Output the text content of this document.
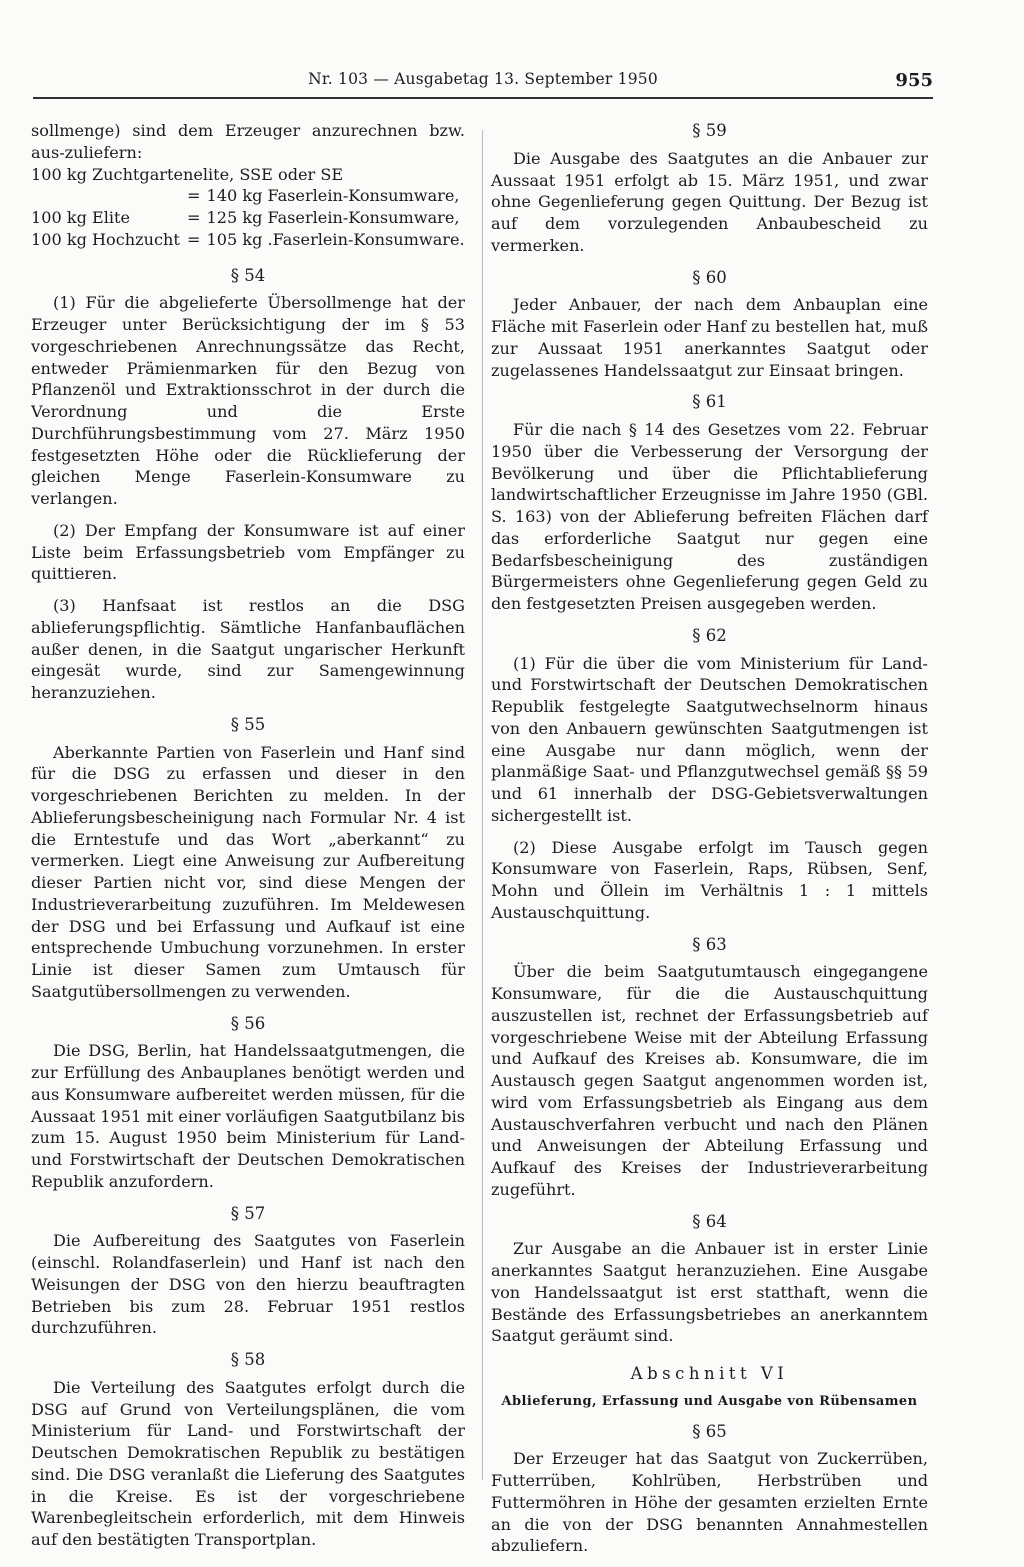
Nr. 103 — Ausgabetag 13. September 1950	955

sollmenge) sind dem Erzeuger anzurechnen bzw. aus-zuliefern:

100 kg Zuchtgartenelite, SSE oder SE		
	=	140 kg Faserlein-Konsumware,
100 kg Elite	=	125 kg Faserlein-Konsumware,
100 kg Hochzucht	=	105 kg .Faserlein-Konsumware.
§ 54

(1) Für die abgelieferte Übersollmenge hat der Erzeuger unter Berücksichtigung der im § 53 vorgeschriebenen Anrechnungssätze das Recht, entweder Prämienmarken für den Bezug von Pflanzenöl und Extraktionsschrot in der durch die Verordnung und die Erste Durchführungsbestimmung vom 27. März 1950 festgesetzten Höhe oder die Rücklieferung der gleichen Menge Faserlein-Konsumware zu verlangen.

(2) Der Empfang der Konsumware ist auf einer Liste beim Erfassungsbetrieb vom Empfänger zu quittieren.

(3) Hanfsaat ist restlos an die DSG ablieferungspflichtig. Sämtliche Hanfanbauflächen außer denen, in die Saatgut ungarischer Herkunft eingesät wurde, sind zur Samengewinnung heranzuziehen.

§ 55

Aberkannte Partien von Faserlein und Hanf sind für die DSG zu erfassen und dieser in den vorgeschriebenen Berichten zu melden. In der Ablieferungsbescheinigung nach Formular Nr. 4 ist die Erntestufe und das Wort „aberkannt“ zu vermerken. Liegt eine Anweisung zur Aufbereitung dieser Partien nicht vor, sind diese Mengen der Industrieverarbeitung zuzuführen. Im Meldewesen der DSG und bei Erfassung und Aufkauf ist eine entsprechende Umbuchung vorzunehmen. In erster Linie ist dieser Samen zum Umtausch für Saatgutübersollmengen zu verwenden.

§ 56

Die DSG, Berlin, hat Handelssaatgutmengen, die zur Erfüllung des Anbauplanes benötigt werden und aus Konsumware aufbereitet werden müssen, für die Aussaat 1951 mit einer vorläufigen Saatgutbilanz bis zum 15. August 1950 beim Ministerium für Land- und Forstwirtschaft der Deutschen Demokratischen Republik anzufordern.

§ 57

Die Aufbereitung des Saatgutes von Faserlein (einschl. Rolandfaserlein) und Hanf ist nach den Weisungen der DSG von den hierzu beauftragten Betrieben bis zum 28. Februar 1951 restlos durchzuführen.

§ 58

Die Verteilung des Saatgutes erfolgt durch die DSG auf Grund von Verteilungsplänen, die vom Ministerium für Land- und Forstwirtschaft der Deutschen Demokratischen Republik zu bestätigen sind. Die DSG veranlaßt die Lieferung des Saatgutes in die Kreise. Es ist der vorgeschriebene Warenbegleitschein erforderlich, mit dem Hinweis auf den bestätigten Transportplan.

§ 59

Die Ausgabe des Saatgutes an die Anbauer zur Aussaat 1951 erfolgt ab 15. März 1951, und zwar ohne Gegenlieferung gegen Quittung. Der Bezug ist auf dem vorzulegenden Anbaubescheid zu vermerken.

§ 60

Jeder Anbauer, der nach dem Anbauplan eine Fläche mit Faserlein oder Hanf zu bestellen hat, muß zur Aussaat 1951 anerkanntes Saatgut oder zugelassenes Handelssaatgut zur Einsaat bringen.

§ 61

Für die nach § 14 des Gesetzes vom 22. Februar 1950 über die Verbesserung der Versorgung der Bevölkerung und über die Pflichtablieferung landwirtschaftlicher Erzeugnisse im Jahre 1950 (GBl. S. 163) von der Ablieferung befreiten Flächen darf das erforderliche Saatgut nur gegen eine Bedarfsbescheinigung des zuständigen Bürgermeisters ohne Gegenlieferung gegen Geld zu den festgesetzten Preisen ausgegeben werden.

§ 62

(1) Für die über die vom Ministerium für Land- und Forstwirtschaft der Deutschen Demokratischen Republik festgelegte Saatgutwechselnorm hinaus von den Anbauern gewünschten Saatgutmengen ist eine Ausgabe nur dann möglich, wenn der planmäßige Saat- und Pflanzgutwechsel gemäß §§ 59 und 61 innerhalb der DSG-Gebietsverwaltungen sichergestellt ist.

(2) Diese Ausgabe erfolgt im Tausch gegen Konsumware von Faserlein, Raps, Rübsen, Senf, Mohn und Öllein im Verhältnis 1 : 1 mittels Austauschquittung.

§ 63

Über die beim Saatgutumtausch eingegangene Konsumware, für die die Austauschquittung auszustellen ist, rechnet der Erfassungsbetrieb auf vorgeschriebene Weise mit der Abteilung Erfassung und Aufkauf des Kreises ab. Konsumware, die im Austausch gegen Saatgut angenommen worden ist, wird vom Erfassungsbetrieb als Eingang aus dem Austauschverfahren verbucht und nach den Plänen und Anweisungen der Abteilung Erfassung und Aufkauf des Kreises der Industrieverarbeitung zugeführt.

§ 64

Zur Ausgabe an die Anbauer ist in erster Linie anerkanntes Saatgut heranzuziehen. Eine Ausgabe von Handelssaatgut ist erst statthaft, wenn die Bestände des Erfassungsbetriebes an anerkanntem Saatgut geräumt sind.

Abschnitt VI
Ablieferung, Erfassung und Ausgabe von Rübensamen
§ 65

Der Erzeuger hat das Saatgut von Zuckerrüben, Futterrüben, Kohlrüben, Herbstrüben und Futtermöhren in Höhe der gesamten erzielten Ernte an die von der DSG benannten Annahmestellen abzuliefern.
